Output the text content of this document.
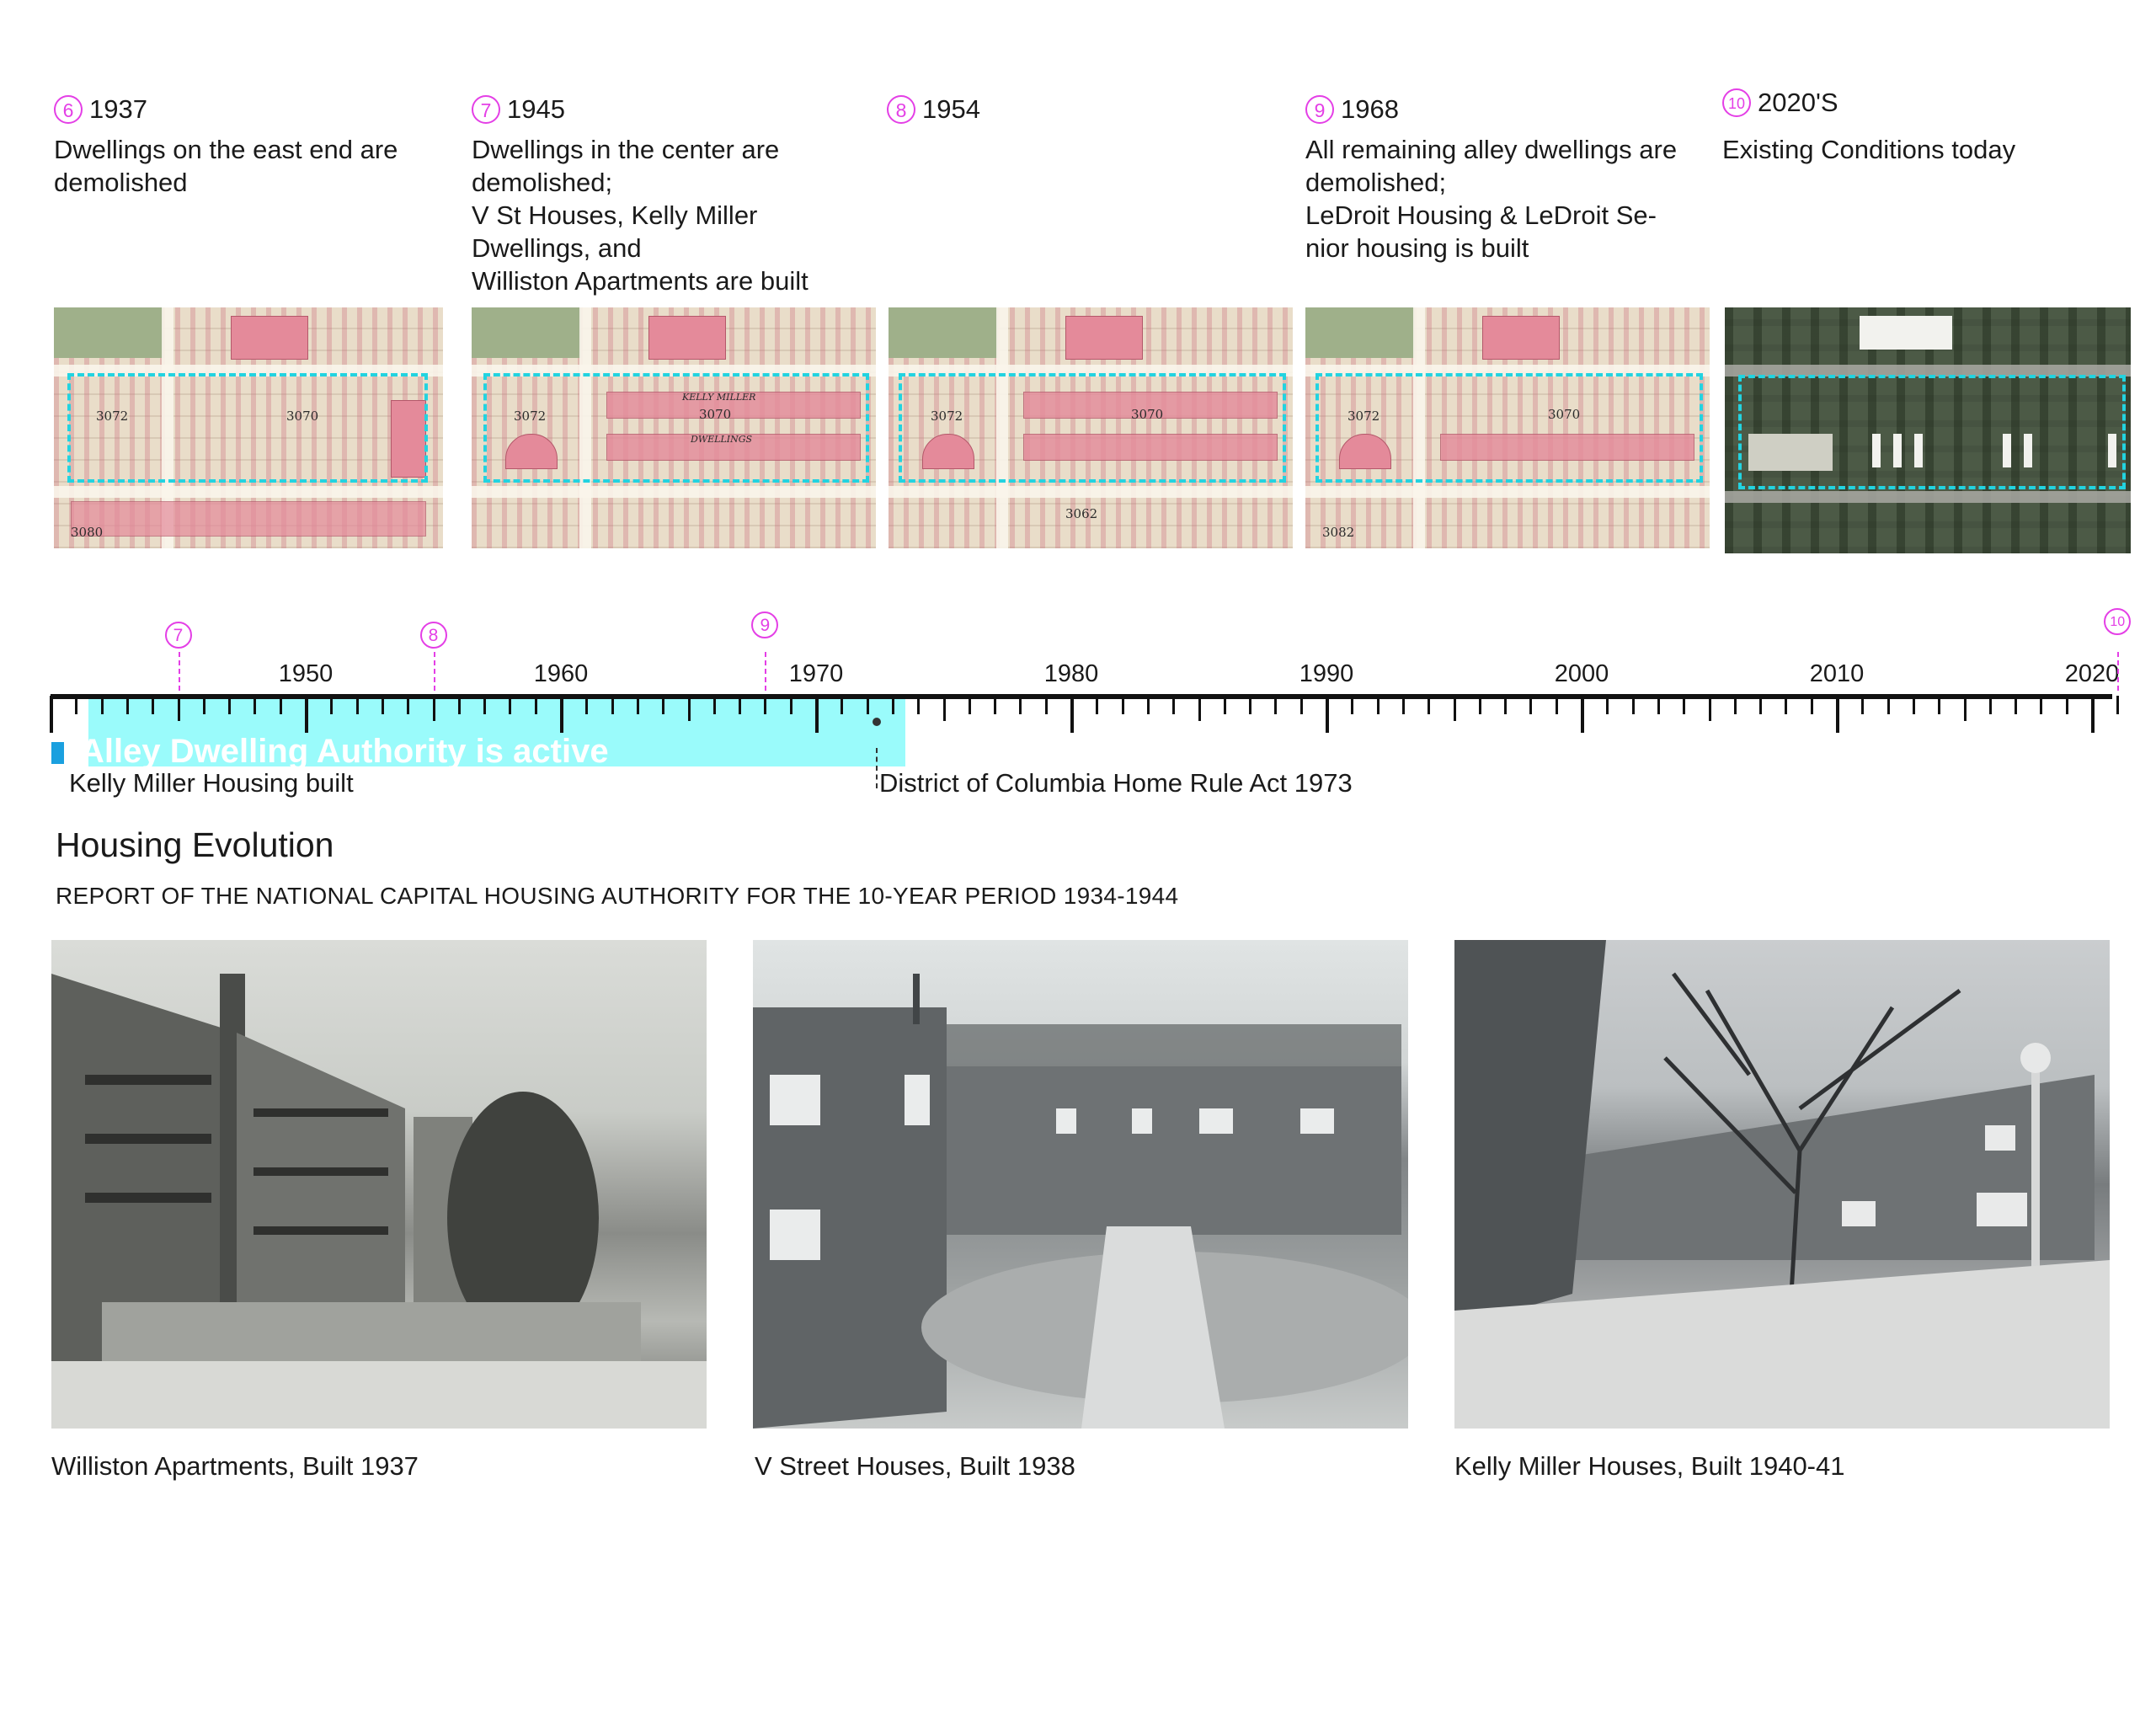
6 1937
Dwellings on the east end are
demolished
7 1945
Dwellings in the center are
demolished;
V St Houses, Kelly Miller
Dwellings, and
Williston Apartments are built
8 1954	9 1968
All remaining alley dwellings are
demolished;
LeDroit Housing & LeDroit Se-
nior housing is built
10 2020'S
Existing Conditions today
3072	3070
3080
3072	3070
KELLY MILLER
DWELLINGS
3072	3070
3062
3072	3070
3082
Alley Dwelling Authority is active
1950	1960	1970	1980	1990	2000	2010	2020
7	8
9	10
Kelly Miller Housing built	District of Columbia Home Rule Act 1973
Housing Evolution
REPORT OF THE NATIONAL CAPITAL HOUSING AUTHORITY FOR THE 10-YEAR PERIOD 1934-1944
Williston Apartments, Built 1937	V Street Houses, Built 1938	Kelly Miller Houses, Built 1940-41
